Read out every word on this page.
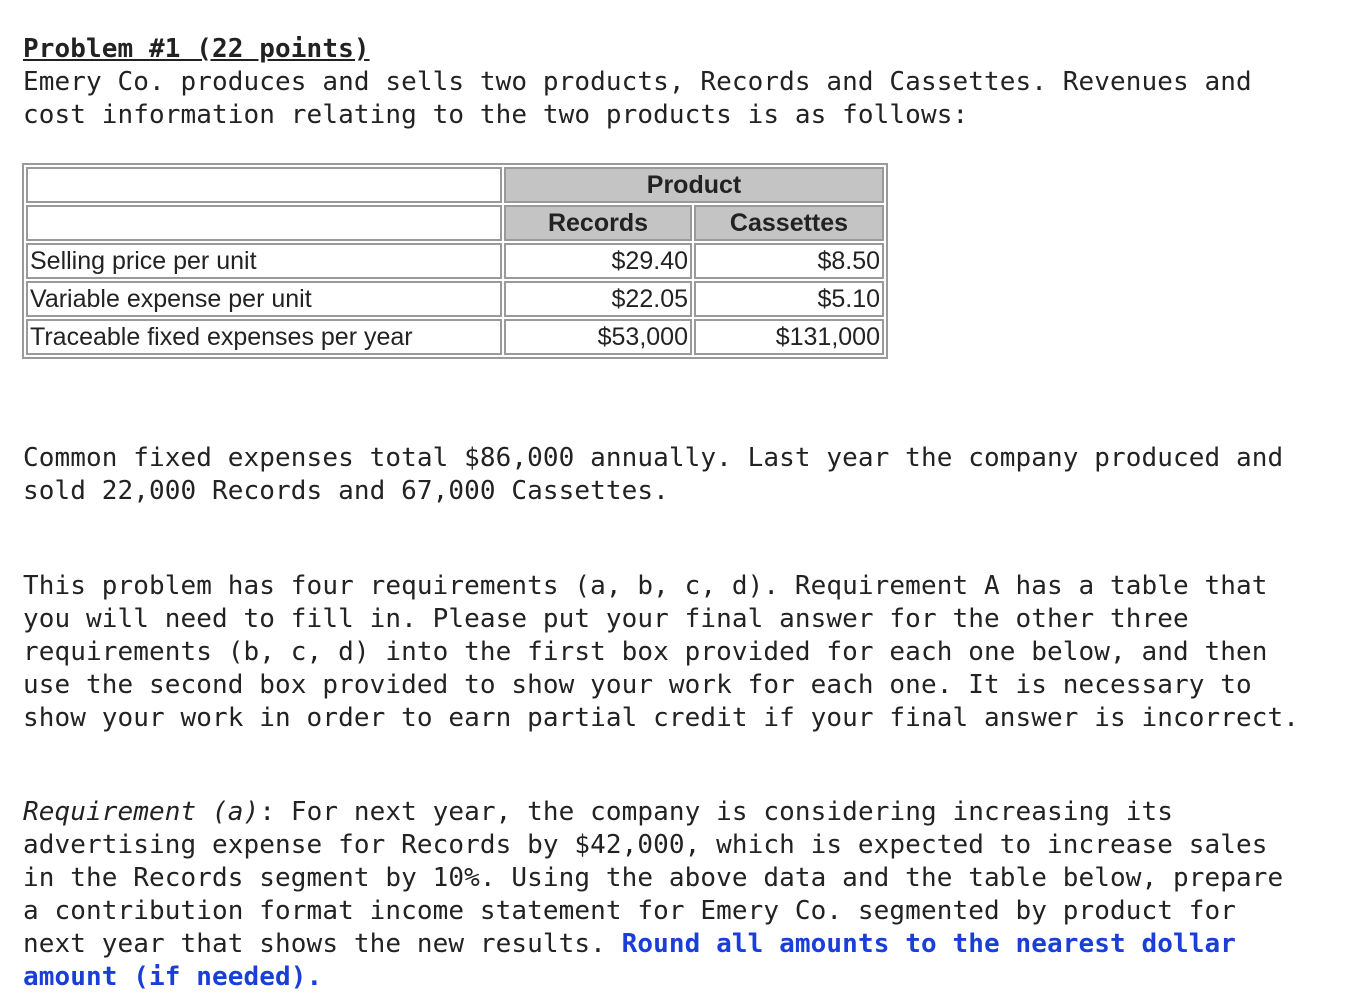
Problem #1 (22 points)
Emery Co. produces and sells two products, Records and Cassettes. Revenues and cost information relating to the two products is as follows:
	Product	
	Records	Cassettes
Selling price per unit	$29.40	$8.50
Variable expense per unit	$22.05	$5.10
Traceable fixed expenses per year	$53,000	$131,000
Common fixed expenses total $86,000 annually. Last year the company produced and sold 22,000 Records and 67,000 Cassettes.
This problem has four requirements (a, b, c, d). Requirement A has a table that you will need to fill in. Please put your final answer for the other three requirements (b, c, d) into the first box provided for each one below, and then use the second box provided to show your work for each one. It is necessary to show your work in order to earn partial credit if your final answer is incorrect.
Requirement (a): For next year, the company is considering increasing its advertising expense for Records by $42,000, which is expected to increase sales in the Records segment by 10%. Using the above data and the table below, prepare a contribution format income statement for Emery Co. segmented by product for next year that shows the new results. Round all amounts to the nearest dollar amount (if needed).
